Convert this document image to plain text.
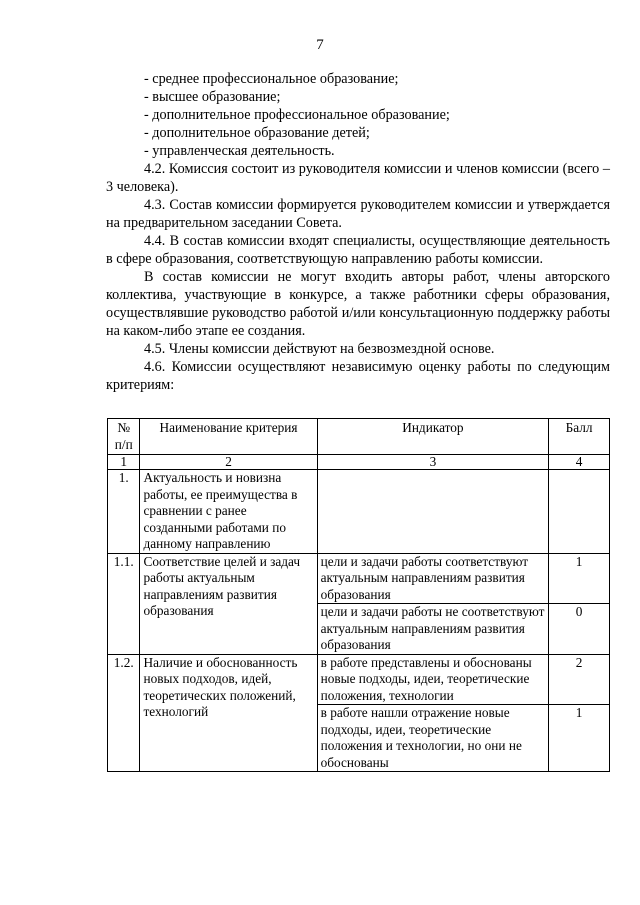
7

- среднее профессиональное образование;

- высшее образование;

- дополнительное профессиональное образование;

- дополнительное образование детей;

- управленческая деятельность.

4.2. Комиссия состоит из руководителя комиссии и членов комиссии (всего – 3 человека).

4.3. Состав комиссии формируется руководителем комиссии и утверждается на предварительном заседании Совета.

4.4. В состав комиссии входят специалисты, осуществляющие деятельность в сфере образования, соответствующую направлению работы комиссии.

В состав комиссии не могут входить авторы работ, члены авторского коллектива, участвующие в конкурсе, а также работники сферы образования, осуществлявшие руководство работой и/или консультационную поддержку работы на каком-либо этапе ее создания.

4.5. Члены комиссии действуют на безвозмездной основе.

4.6. Комиссии осуществляют независимую оценку работы по следующим критериям:

№ п/п	Наименование критерия	Индикатор	Балл
1	2	3	4
1.	Актуальность и новизна работы, ее преимущества в сравнении с ранее созданными работами по данному направлению		
1.1.	Соответствие целей и задач работы актуальным направлениям развития образования	цели и задачи работы соответствуют актуальным направлениям развития образования	1
		цели и задачи работы не соответствуют актуальным направлениям развития образования	0
1.2.	Наличие и обоснованность новых подходов, идей, теоретических положений, технологий	в работе представлены и обоснованы новые подходы, идеи, теоретические положения, технологии	2
		в работе нашли отражение новые подходы, идеи, теоретические положения и технологии, но они не обоснованы	1
